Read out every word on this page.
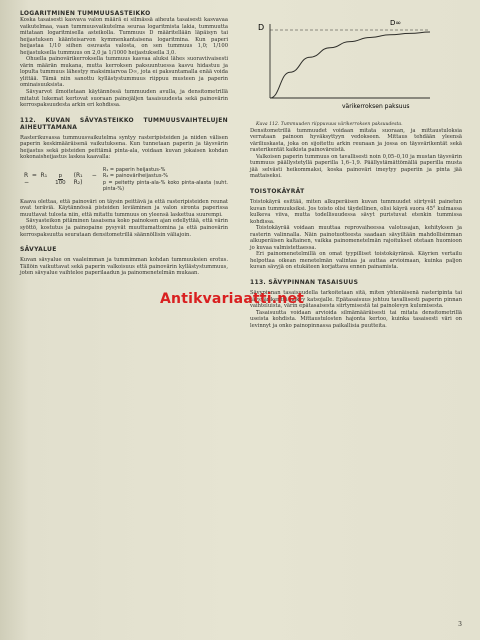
LOGARITMINEN TUMMUUSASTEIKKO

Koska tasaisesti kasvava valon määrä ei silmässä aiheuta tasaisesti kasvavaa vaikutelmaa, vaan tummuusvaikutelma seuraa logaritmista lakia, tummuutta mitataan logaritmisella asteikolla. Tummuus D määritellään läpäisyn tai heijastuksen käänteisarvon kymmenkantaisena logaritmina. Kun paperi heijastaa 1/10 siihen osuvasta valosta, on sen tummuus 1,0; 1/100 heijastuksella tummuus on 2,0 ja 1/1000 heijastuksella 3,0.

Ohuella painovärikerroksella tummuus kasvaa aluksi lähes suoraviivaisesti värin määrän mukana, mutta kerroksen paksuuntuessa kasvu hidastuu ja lopulta tummuus lähestyy maksimiarvoa D∞, jota ei paksuntamalla enää voida ylittää. Tämä niin sanottu kyllästystummuus riippuu musteen ja paperin ominaisuuksista.

Sävyarvot ilmoitetaan käytännössä tummuuden avulla, ja densitometrillä mitatut lukemat kertovat suoraan painojäljen tasaisuudesta sekä painovärin kerrospaksuudesta arkin eri kohdissa.

112. KUVAN SÄVYASTEIKKO TUMMUUSVAIHTELUJEN AIHEUTTAMANA

Rasterikuvassa tummuusvaikutelma syntyy rasteripisteiden ja niiden välisen paperin keskimääräisenä vaikutuksena. Kun tunnetaan paperin ja täysvärin heijastus sekä pisteiden peittämä pinta-ala, voidaan kuvan jokaisen kohdan kokonaisheijastus laskea kaavalla:

R = R₁ −	$\frac{p}{100} (R_1 - R_2)$
R₁ = paperin heijastus-%
R₂ = painoväriheijastus-%
p = peitetty pinta-ala-% koko pinta-alasta (suht. pinta-%)

Kaava olettaa, että painoväri on täysin peittävä ja että rasteripisteiden reunat ovat teräviä. Käytännössä pisteiden leviäminen ja valon sironta paperissa muuttavat tulosta niin, että mitattu tummuus on yleensä laskettua suurempi.

Sävyasteikon pitäminen tasaisena koko painoksen ajan edellyttää, että värin syöttö, kostutus ja painopaine pysyvät muuttumattomina ja että painovärin kerrospaksuutta seurataan densitometrillä säännöllisin väliajoin.

SÄVYALUE

Kuvan sävyalue on vaaleimman ja tummimman kohdan tummuuksien erotus. Tällöin vaikuttavat sekä paperin valkoisuus että painovärin kyllästystummuus, joten sävyalue vaihtelee paperilaadun ja painomenetelmän mukaan.

D	D∞
värikerroksen paksuus

Kuva 112. Tummuuden riippuvuus värikerroksen paksuudesta.

Densitometrillä tummuudet voidaan mitata suoraan, ja mittaustuloksia verrataan painoon hyväksyttyyn vedokseen. Mittaus tehdään yleensä väriliuskasta, joka on sijoitettu arkin reunaan ja jossa on täysvärikentät sekä rasterikentät kaikista painoväreistä.

Valkoisen paperin tummuus on tavallisesti noin 0,05–0,10 ja mustan täysvärin tummuus päällystetyllä paperilla 1,6–1,9. Päällystämättömällä paperilla musta jää selvästi heikommaksi, koska painoväri imeytyy paperiin ja pinta jää mattaiseksi.

TOISTOKÄYRÄT

Toistokäyrä esittää, miten alkuperäisen kuvan tummuudet siirtyvät painetun kuvan tummuuksiksi. Jos toisto olisi täydellinen, olisi käyrä suora 45° kulmassa kulkeva viiva, mutta todellisuudessa sävyt puristuvat etenkin tummissa kohdissa.

Toistokäyrää voidaan muuttaa reprovaiheessa valotusajan, kehityksen ja rasterin valinnalla. Näin painotuotteesta saadaan sävyiltään mahdollisimman alkuperäisen kaltainen, vaikka painomenetelmän rajoitukset otetaan huomioon jo kuvaa valmistettaessa.

Eri painomenetelmillä on omat tyypilliset toistokäyränsä. Käyrien vertailu helpottaa oikean menetelmän valintaa ja auttaa arvioimaan, kuinka paljon kuvan sävyjä on etukäteen korjattava ennen painamista.

113. SÄVYPINNAN TASAISUUS

Sävypinnan tasaisuudella tarkoitetaan sitä, miten yhtenäisenä rasteripinta tai täysvärikenttä näkyy katsojalle. Epätasaisuus johtuu tavallisesti paperin pinnan vaihteluista, värin epätasaisesta siirtymisestä tai painolevyn kulumisesta.

Tasaisuutta voidaan arvioida silmämääräisesti tai mitata densitometrillä useista kohdista. Mittaustulosten hajonta kertoo, kuinka tasaisesti väri on levinnyt ja onko painopinnassa paikallisia puutteita.

Antikvariaatti.net
3
